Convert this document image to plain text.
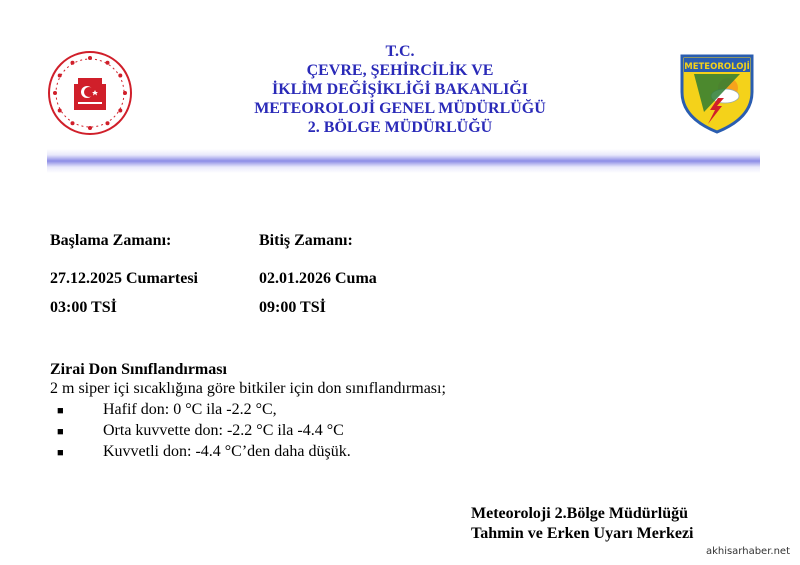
T.C.
ÇEVRE, ŞEHİRCİLİK VE
İKLİM DEĞİŞİKLİĞİ BAKANLIĞI
METEOROLOJİ GENEL MÜDÜRLÜĞÜ
2. BÖLGE MÜDÜRLÜĞÜ
METEOROLOJİ
Başlama Zamanı:	Bitiş Zamanı:
27.12.2025 Cumartesi	02.01.2026 Cuma
03:00 TSİ	09:00 TSİ
Zirai Don Sınıflandırması
2 m siper içi sıcaklığına göre bitkiler için don sınıflandırması;
■ Hafif don: 0 °C ila -2.2 °C,
■ Orta kuvvette don: -2.2 °C ila -4.4 °C
■ Kuvvetli don: -4.4 °C’den daha düşük.
Meteoroloji 2.Bölge Müdürlüğü
Tahmin ve Erken Uyarı Merkezi
akhisarhaber.net
